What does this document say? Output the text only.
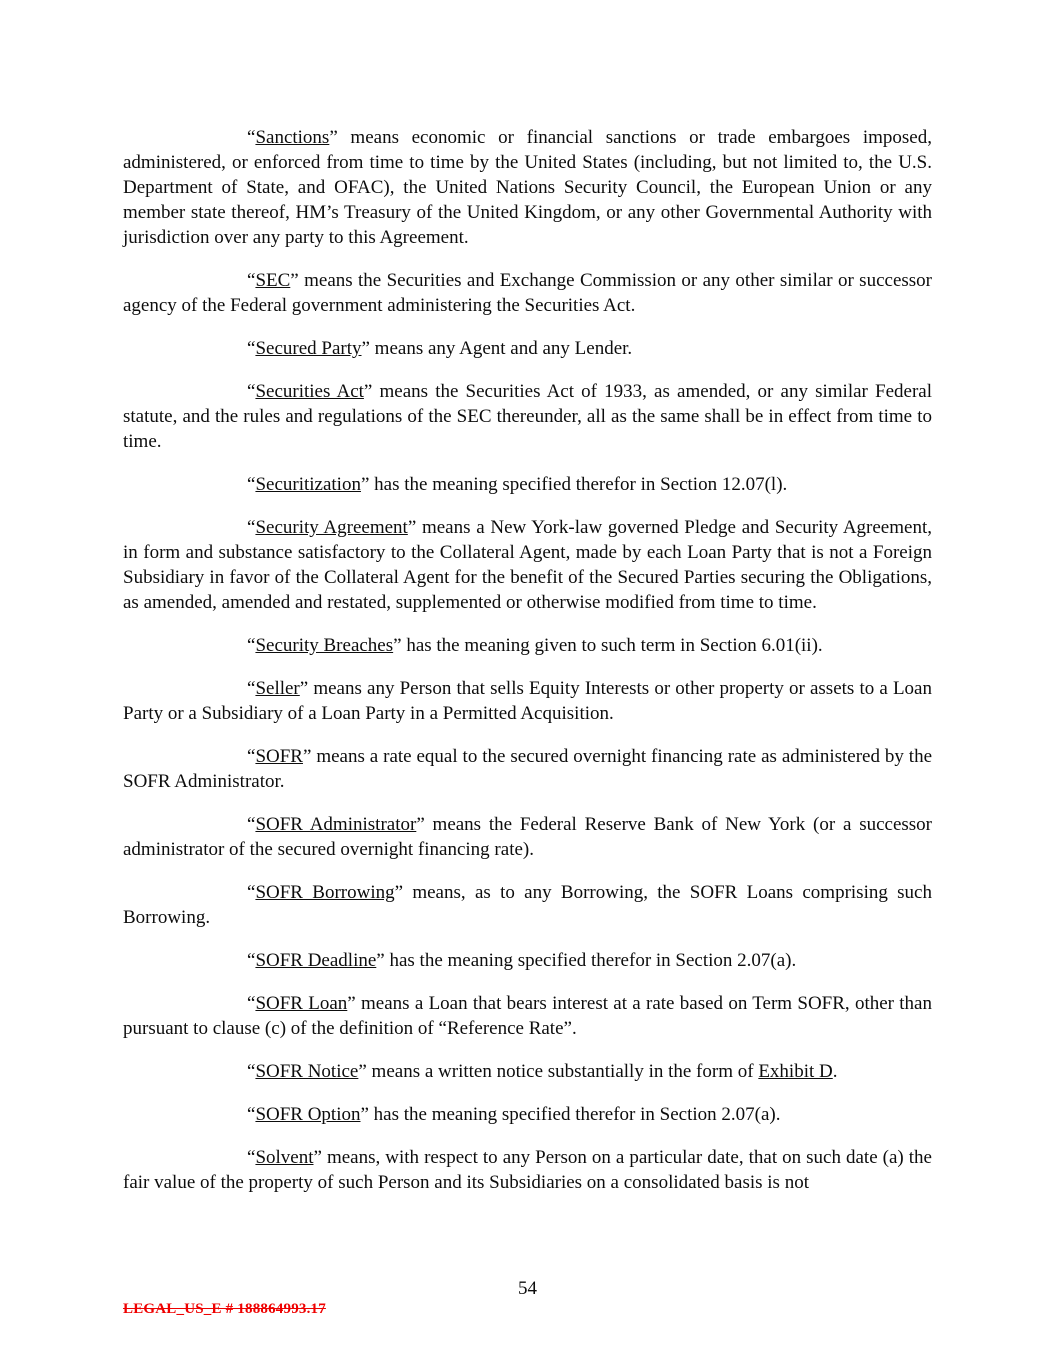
“Sanctions” means economic or financial sanctions or trade embargoes imposed, administered, or enforced from time to time by the United States (including, but not limited to, the U.S. Department of State, and OFAC), the United Nations Security Council, the European Union or any member state thereof, HM’s Treasury of the United Kingdom, or any other Governmental Authority with jurisdiction over any party to this Agreement.

“SEC” means the Securities and Exchange Commission or any other similar or successor agency of the Federal government administering the Securities Act.

“Secured Party” means any Agent and any Lender.

“Securities Act” means the Securities Act of 1933, as amended, or any similar Federal statute, and the rules and regulations of the SEC thereunder, all as the same shall be in effect from time to time.

“Securitization” has the meaning specified therefor in Section 12.07(l).

“Security Agreement” means a New York-law governed Pledge and Security Agreement, in form and substance satisfactory to the Collateral Agent, made by each Loan Party that is not a Foreign Subsidiary in favor of the Collateral Agent for the benefit of the Secured Parties securing the Obligations, as amended, amended and restated, supplemented or otherwise modified from time to time.

“Security Breaches” has the meaning given to such term in Section 6.01(ii).

“Seller” means any Person that sells Equity Interests or other property or assets to a Loan Party or a Subsidiary of a Loan Party in a Permitted Acquisition.

“SOFR” means a rate equal to the secured overnight financing rate as administered by the SOFR Administrator.

“SOFR Administrator” means the Federal Reserve Bank of New York (or a successor administrator of the secured overnight financing rate).

“SOFR Borrowing” means, as to any Borrowing, the SOFR Loans comprising such Borrowing.

“SOFR Deadline” has the meaning specified therefor in Section 2.07(a).

“SOFR Loan” means a Loan that bears interest at a rate based on Term SOFR, other than pursuant to clause (c) of the definition of “Reference Rate”.

“SOFR Notice” means a written notice substantially in the form of Exhibit D.

“SOFR Option” has the meaning specified therefor in Section 2.07(a).

“Solvent” means, with respect to any Person on a particular date, that on such date (a) the fair value of the property of such Person and its Subsidiaries on a consolidated basis is not

54
LEGAL_US_E # 188864993.17
